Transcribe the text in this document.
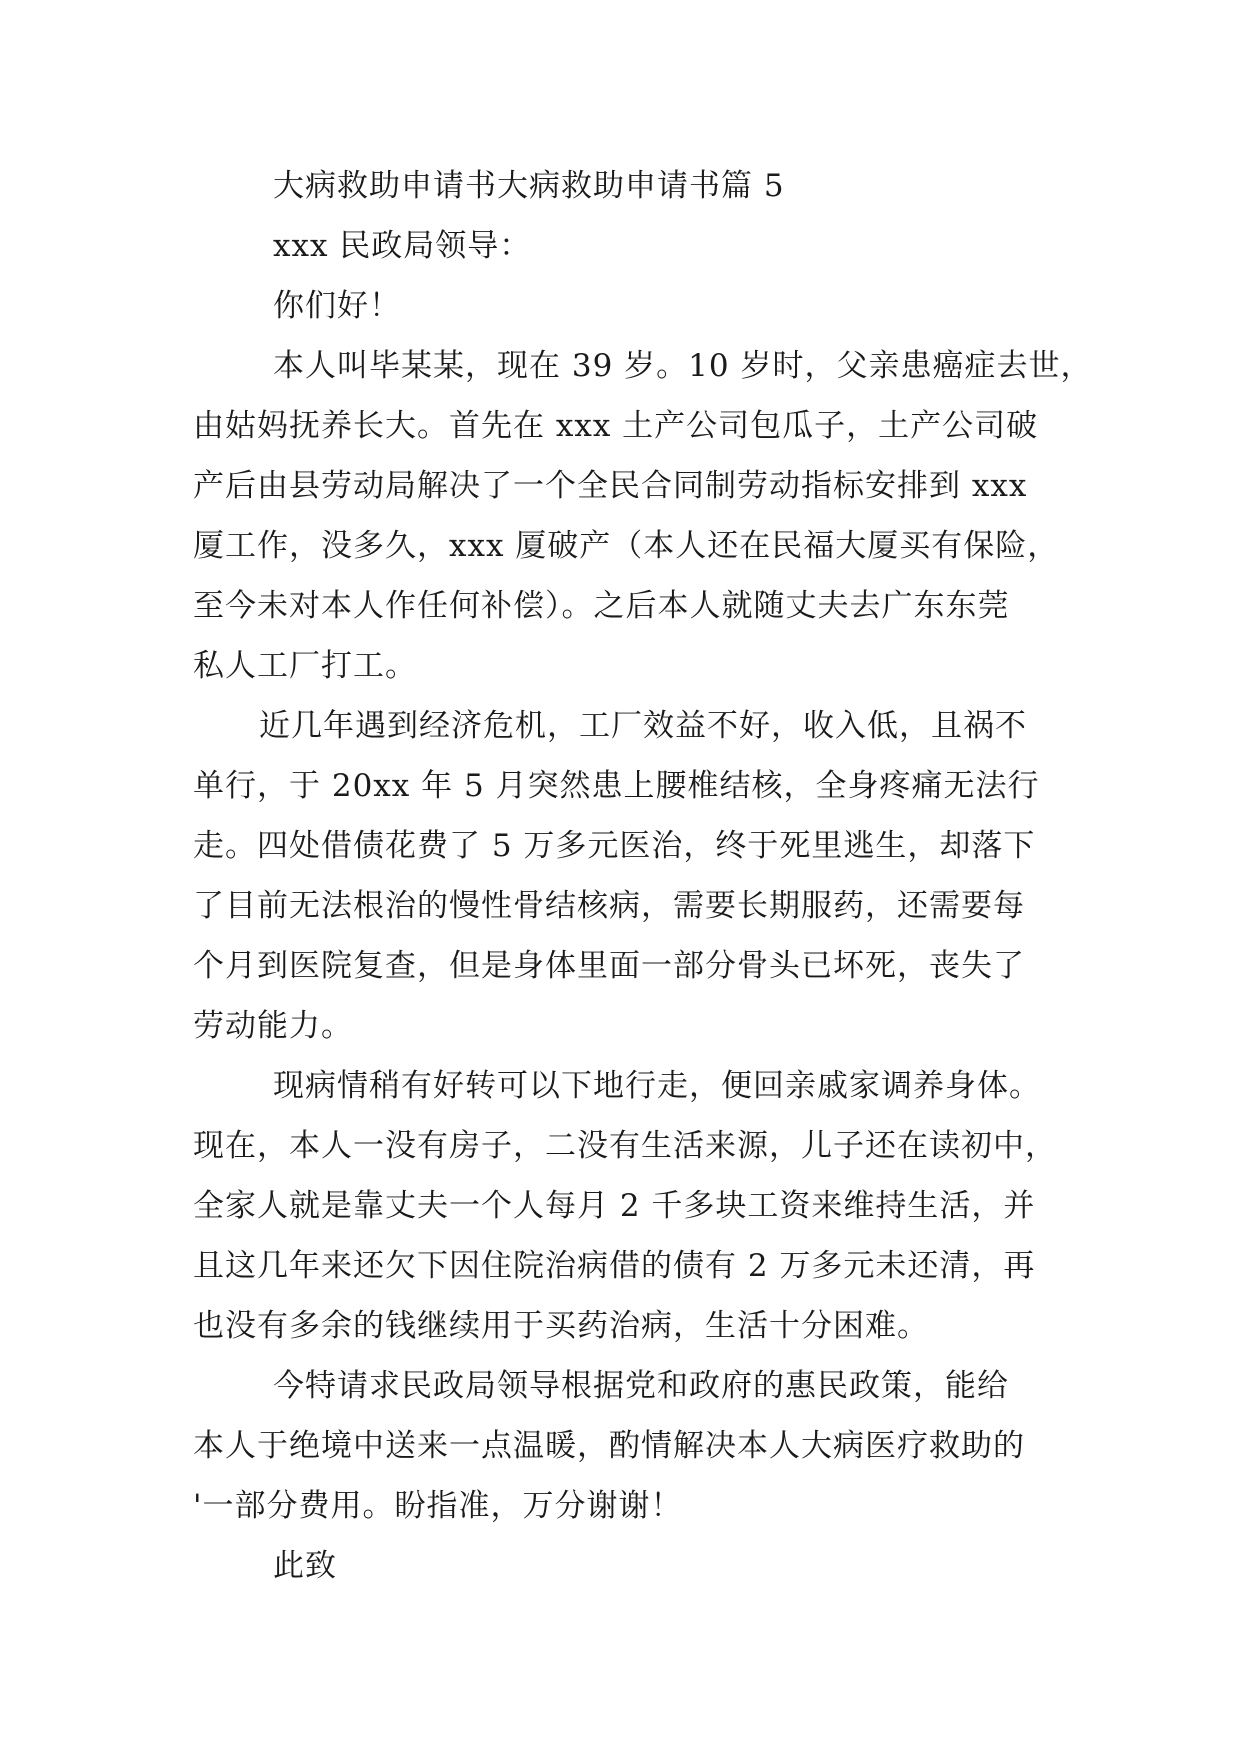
大病救助申请书大病救助申请书篇 5
xxx 民政局领导：
你们好！
本人叫毕某某，现在 39 岁。10 岁时，父亲患癌症去世，
由姑妈抚养长大。首先在 xxx 土产公司包瓜子，土产公司破
产后由县劳动局解决了一个全民合同制劳动指标安排到 xxx
厦工作，没多久，xxx 厦破产（本人还在民福大厦买有保险，
至今未对本人作任何补偿）。之后本人就随丈夫去广东东莞
私人工厂打工。
近几年遇到经济危机，工厂效益不好，收入低，且祸不
单行，于 20xx 年 5 月突然患上腰椎结核，全身疼痛无法行
走。四处借债花费了 5 万多元医治，终于死里逃生，却落下
了目前无法根治的慢性骨结核病，需要长期服药，还需要每
个月到医院复查，但是身体里面一部分骨头已坏死，丧失了
劳动能力。
现病情稍有好转可以下地行走，便回亲戚家调养身体。
现在，本人一没有房子，二没有生活来源，儿子还在读初中，
全家人就是靠丈夫一个人每月 2 千多块工资来维持生活，并
且这几年来还欠下因住院治病借的债有 2 万多元未还清，再
也没有多余的钱继续用于买药治病，生活十分困难。
今特请求民政局领导根据党和政府的惠民政策，能给
本人于绝境中送来一点温暖，酌情解决本人大病医疗救助的
'一部分费用。盼指准，万分谢谢！
此致
